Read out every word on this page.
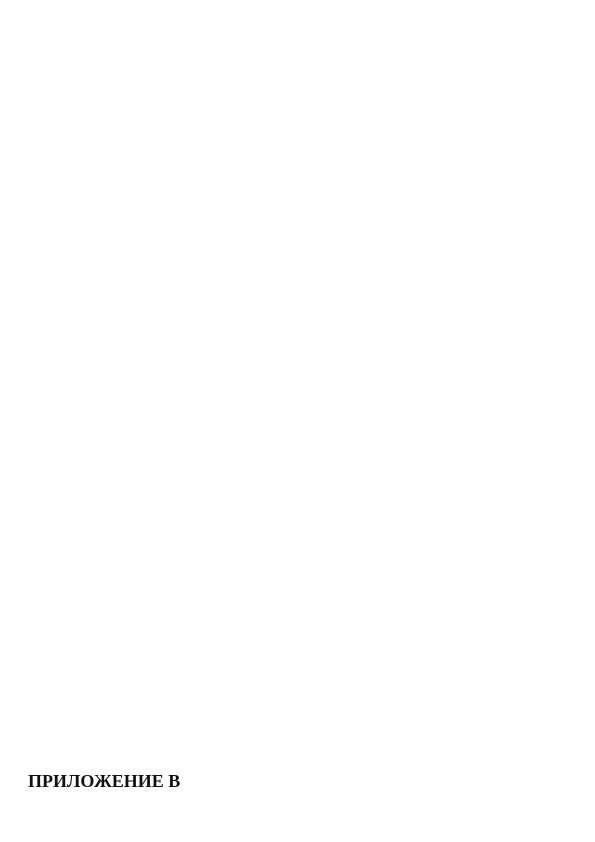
ПРИЛОЖЕНИЕ В
